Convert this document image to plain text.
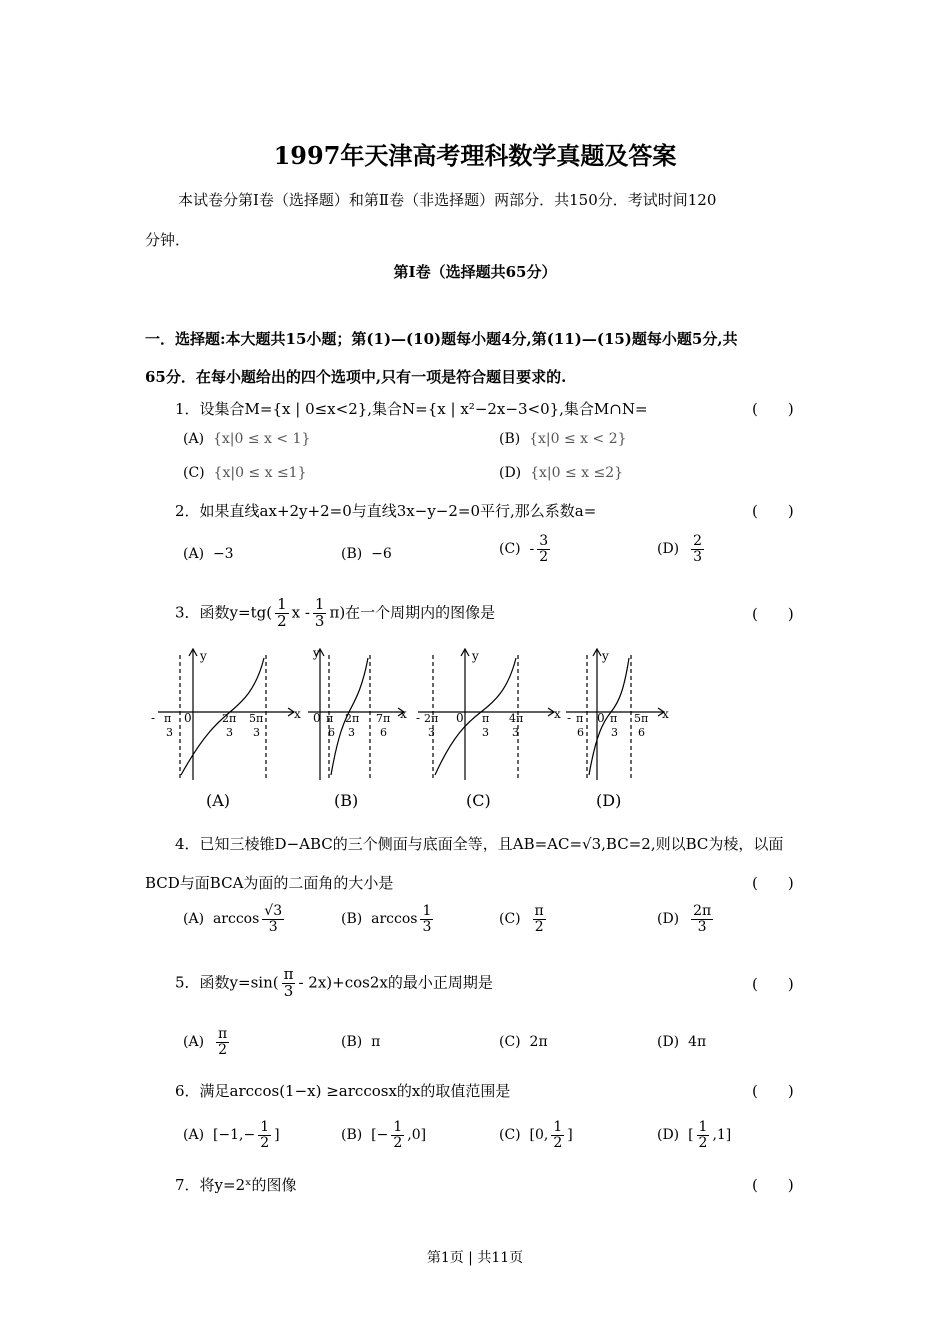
1997年天津高考理科数学真题及答案
本试卷分第Ⅰ卷（选择题）和第Ⅱ卷（非选择题）两部分．共150分．考试时间120
分钟．
第Ⅰ卷（选择题共65分）
一．选择题:本大题共15小题；第(1)—(10)题每小题4分,第(11)—(15)题每小题5分,共
65分．在每小题给出的四个选项中,只有一项是符合题目要求的.
1．设集合M={x | 0≤x<2},集合N={x | x²−2x−3<0},集合M∩N=	(　　)
(A) {x|0 ≤ x < 1}	(B) {x|0 ≤ x < 2}
(C) {x|0 ≤ x ≤1}	(D) {x|0 ≤ x ≤2}
2．如果直线ax+2y+2=0与直线3x−y−2=0平行,那么系数a=	(　　)
(A) −3	(B) −6	$(C) - \frac{3}{2}$	$(D) \frac{2}{3}$
3．函数$y=tg( \frac{1}{2}$ x - $\frac{1}{3} \pi$)在一个周期内的图像是	(　　)
y
x
y
x
y
x
y
x
- 0
π
3
2π
3
5π
3
0 π
6
2π
3
7π
6
- 2π
3
0 π
3
4π
3
- π
6
0 π
3
5π
6
(A)	(B)	(C)	(D)
4．已知三棱锥D−ABC的三个侧面与底面全等，且AB=AC=√3,BC=2,则以BC为棱，以面
BCD与面BCA为面的二面角的大小是	(　　)
(A) $\arccos \frac{√3}{3}$	(B) $\arccos \frac{1}{3}$	$(C) \frac{\pi}{2}$	$(D) \frac{2\pi}{3}$
5．函数$y=\sin( \frac{\pi}{3} - 2x)+\cos 2x$的最小正周期是	(　　)
$(A) \frac{\pi}{2}$	(B) π	(C) 2π	(D) 4π
6．满足arccos(1−x) ≥arccosx的x的取值范围是	(　　)
(A) [$-1,- \frac{1}{2}$ ]	(B) [− $\frac{1}{2} ,0$]	(C) [0, $\frac{1}{2}$ ]	(D) [ $\frac{1}{2} ,1$]
7．将y=2ˣ的图像	(　　)
第1页 | 共11页
